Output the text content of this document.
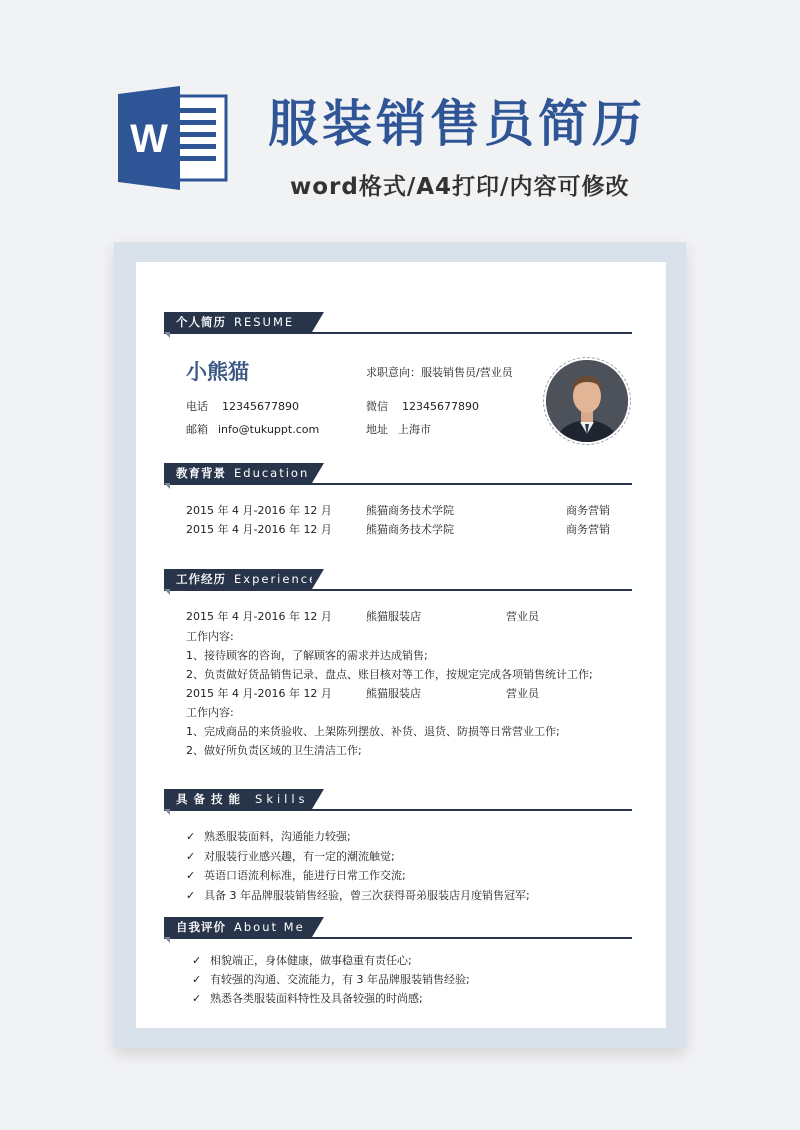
W 服装销售员简历
word格式/A4打印/内容可修改
个人简历 RESUME
小熊猫	求职意向：服装销售员/营业员
电话 12345677890	微信 12345677890
邮箱 info@tukuppt.com	地址 上海市
教育背景 Education
2015 年 4 月-2016 年 12 月	熊猫商务技术学院	商务营销
2015 年 4 月-2016 年 12 月	熊猫商务技术学院	商务营销
工作经历 Experience
2015 年 4 月-2016 年 12 月	熊猫服装店	营业员
工作内容:
1、接待顾客的咨询，了解顾客的需求并达成销售;
2、负责做好货品销售记录、盘点、账目核对等工作，按规定完成各项销售统计工作;
2015 年 4 月-2016 年 12 月	熊猫服装店	营业员
工作内容:
1、完成商品的来货验收、上架陈列摆放、补货、退货、防损等日常营业工作;
2、做好所负责区域的卫生清洁工作;
具 备 技 能 Skills
✓ 熟悉服装面料，沟通能力较强;
✓ 对服装行业感兴趣，有一定的潮流触觉;
✓ 英语口语流利标准，能进行日常工作交流;
✓ 具备 3 年品牌服装销售经验，曾三次获得哥弟服装店月度销售冠军;
自我评价 About Me
✓ 相貌端正，身体健康，做事稳重有责任心;
✓ 有较强的沟通、交流能力，有 3 年品牌服装销售经验;
✓ 熟悉各类服装面料特性及具备较强的时尚感;
